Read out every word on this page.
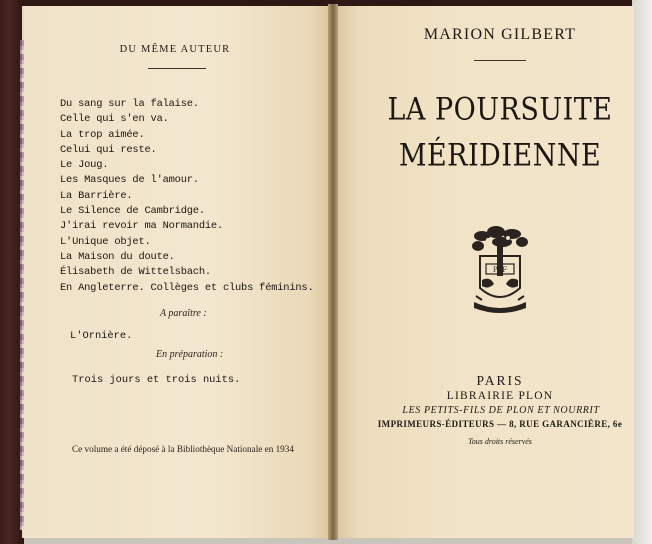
DU MÊME AUTEUR
Du sang sur la falaise.
Celle qui s'en va.
La trop aimée.
Celui qui reste.
Le Joug.
Les Masques de l'amour.
La Barrière.
Le Silence de Cambridge.
J'irai revoir ma Normandie.
L'Unique objet.
La Maison du doute.
Élisabeth de Wittelsbach.
En Angleterre. Collèges et clubs féminins.
A paraître :
L'Ornière.
En préparation :
Trois jours et trois nuits.
Ce volume a été déposé à la Bibliothèque Nationale en 1934
MARION GILBERT
LA POURSUITE
MÉRIDIENNE
PPF
PARIS
LIBRAIRIE PLON
LES PETITS-FILS DE PLON ET NOURRIT
IMPRIMEURS-ÉDITEURS — 8, RUE GARANCIÈRE, 6e
Tous droits réservés
